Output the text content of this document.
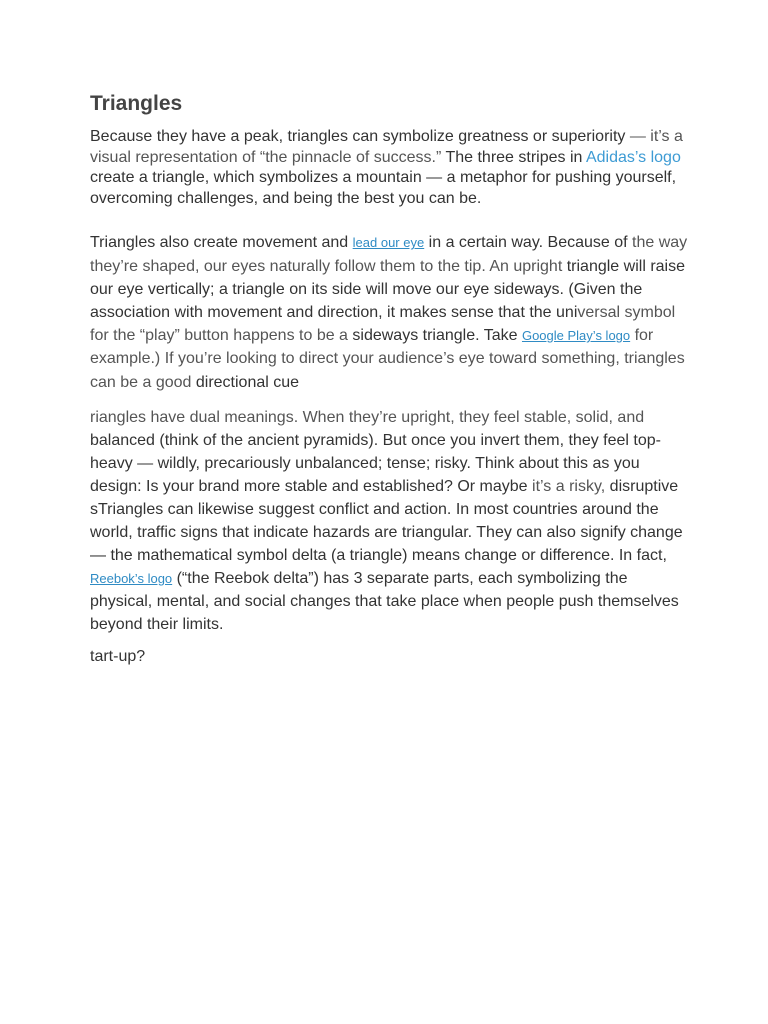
Triangles

Because they have a peak, triangles can symbolize greatness or superiority — it’s a visual representation of “the pinnacle of success.” The three stripes in Adidas’s logo create a triangle, which symbolizes a mountain — a metaphor for pushing yourself, overcoming challenges, and being the best you can be.

Triangles also create movement and lead our eye in a certain way. Because of the way they’re shaped, our eyes naturally follow them to the tip. An upright triangle will raise our eye vertically; a triangle on its side will move our eye sideways. (Given the association with movement and direction, it makes sense that the universal symbol for the “play” button happens to be a sideways triangle. Take Google Play’s logo for example.) If you’re looking to direct your audience’s eye toward something, triangles can be a good directional cue

riangles have dual meanings. When they’re upright, they feel stable, solid, and balanced (think of the ancient pyramids). But once you invert them, they feel top-heavy — wildly, precariously unbalanced; tense; risky. Think about this as you design: Is your brand more stable and established? Or maybe it’s a risky, disruptive sTriangles can likewise suggest conflict and action. In most countries around the world, traffic signs that indicate hazards are triangular. They can also signify change — the mathematical symbol delta (a triangle) means change or difference. In fact, Reebok’s logo (“the Reebok delta”) has 3 separate parts, each symbolizing the physical, mental, and social changes that take place when people push themselves beyond their limits.

tart-up?
